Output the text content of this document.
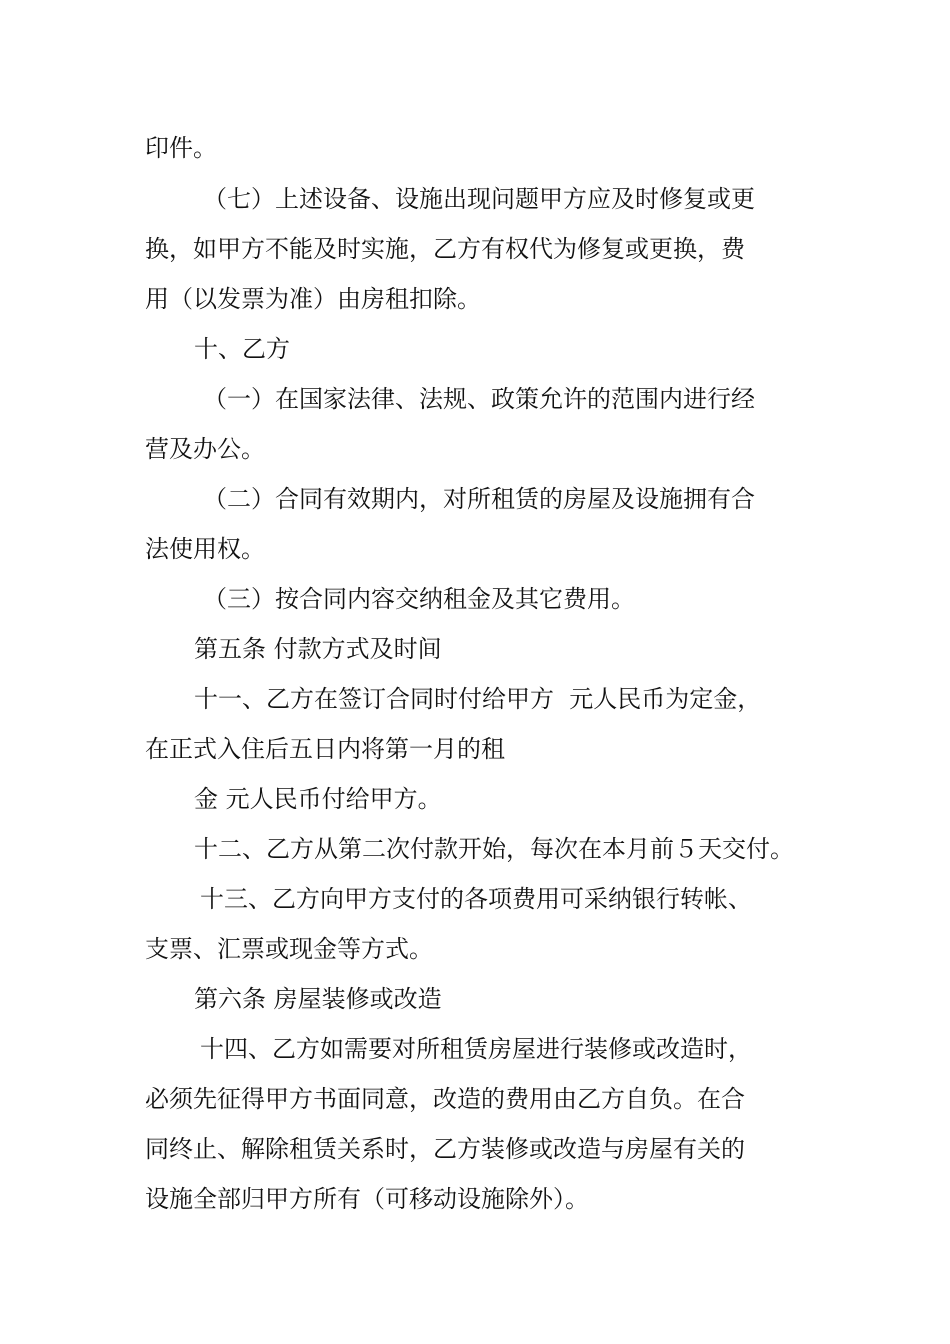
印件。
（七）上述设备、设施出现问题甲方应及时修复或更
换，如甲方不能及时实施，乙方有权代为修复或更换，费
用（以发票为准）由房租扣除。
十、乙方
（一）在国家法律、法规、政策允许的范围内进行经
营及办公。
（二）合同有效期内，对所租赁的房屋及设施拥有合
法使用权。
（三）按合同内容交纳租金及其它费用。
第五条 付款方式及时间
十一、乙方在签订合同时付给甲方  元人民币为定金，
在正式入住后五日内将第一月的租
金 元人民币付给甲方。
十二、乙方从第二次付款开始，每次在本月前５天交付。
十三、乙方向甲方支付的各项费用可采纳银行转帐、
支票、汇票或现金等方式。
第六条 房屋装修或改造
十四、乙方如需要对所租赁房屋进行装修或改造时，
必须先征得甲方书面同意，改造的费用由乙方自负。在合
同终止、解除租赁关系时，乙方装修或改造与房屋有关的
设施全部归甲方所有（可移动设施除外）。
